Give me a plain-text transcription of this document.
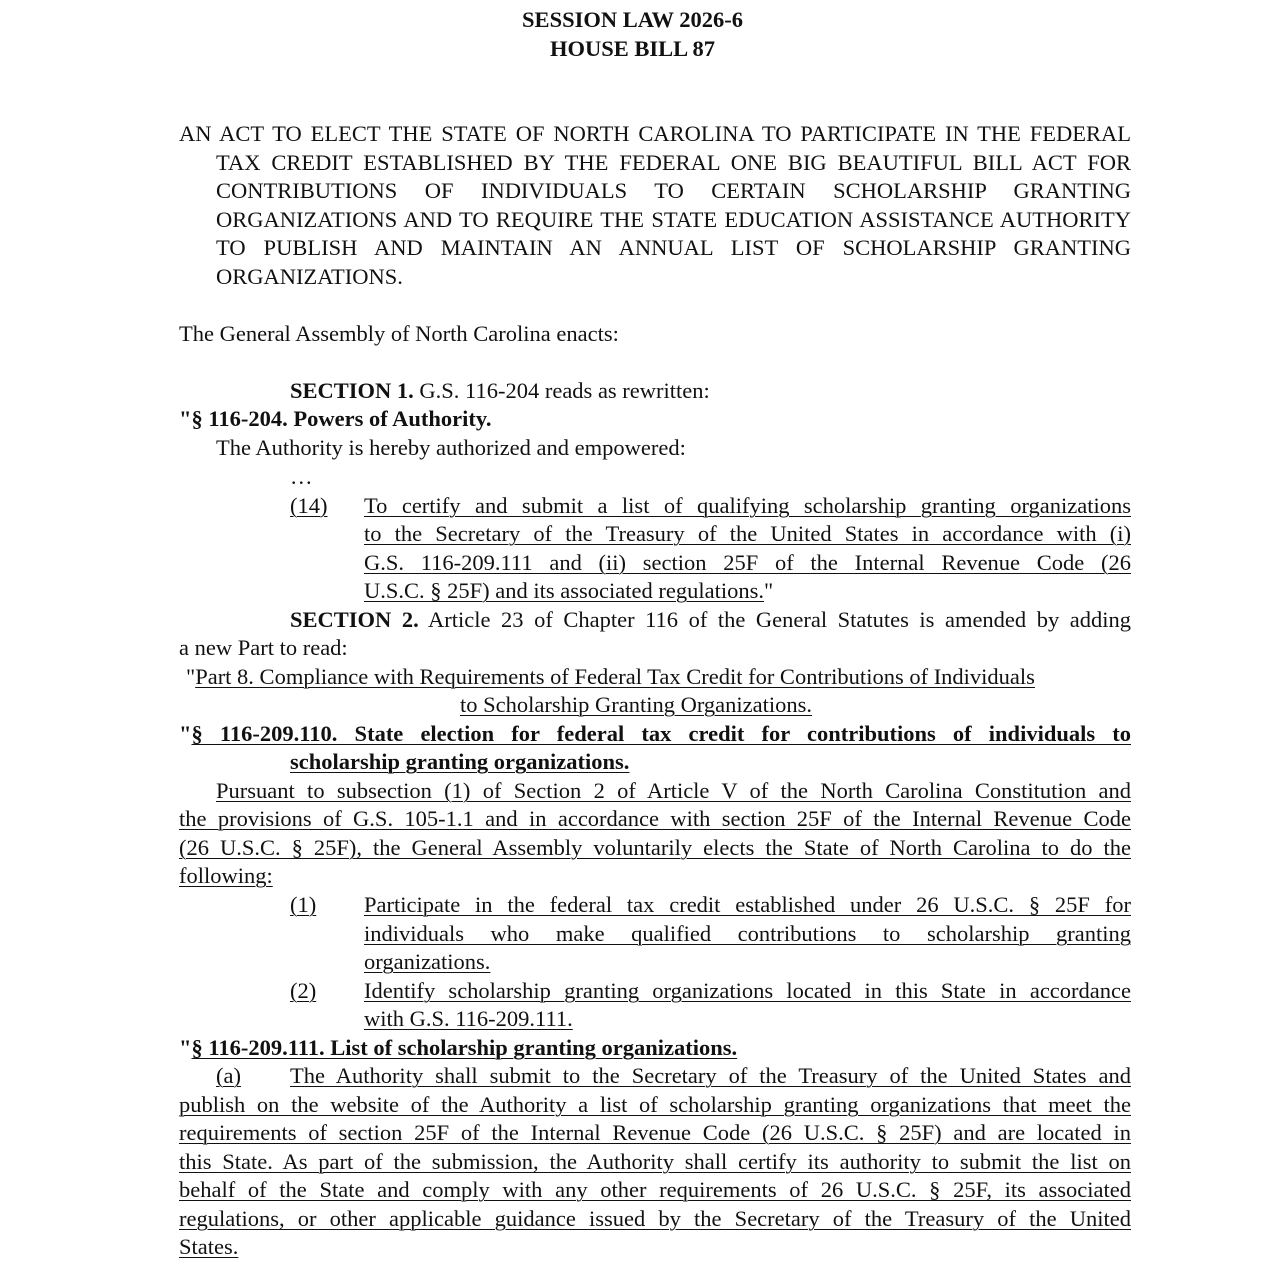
SESSION LAW 2026-6
HOUSE BILL 87
AN ACT TO ELECT THE STATE OF NORTH CAROLINA TO PARTICIPATE IN THE FEDERAL TAX CREDIT ESTABLISHED BY THE FEDERAL ONE BIG BEAUTIFUL BILL ACT FOR CONTRIBUTIONS OF INDIVIDUALS TO CERTAIN SCHOLARSHIP GRANTING ORGANIZATIONS AND TO REQUIRE THE STATE EDUCATION ASSISTANCE AUTHORITY TO PUBLISH AND MAINTAIN AN ANNUAL LIST OF SCHOLARSHIP GRANTING ORGANIZATIONS.
The General Assembly of North Carolina enacts:
SECTION 1. G.S. 116-204 reads as rewritten:
"§ 116-204. Powers of Authority.
The Authority is hereby authorized and empowered:
…
(14) To certify and submit a list of qualifying scholarship granting organizations
to the Secretary of the Treasury of the United States in accordance with (i)
G.S. 116-209.111 and (ii) section 25F of the Internal Revenue Code (26
U.S.C. § 25F) and its associated regulations."
SECTION 2. Article 23 of Chapter 116 of the General Statutes is amended by adding
a new Part to read:
"Part 8. Compliance with Requirements of Federal Tax Credit for Contributions of Individuals
to Scholarship Granting Organizations.
"§ 116-209.110. State election for federal tax credit for contributions of individuals to
scholarship granting organizations.
Pursuant to subsection (1) of Section 2 of Article V of the North Carolina Constitution and
the provisions of G.S. 105-1.1 and in accordance with section 25F of the Internal Revenue Code
(26 U.S.C. § 25F), the General Assembly voluntarily elects the State of North Carolina to do the
following:
(1) Participate in the federal tax credit established under 26 U.S.C. § 25F for
individuals who make qualified contributions to scholarship granting
organizations.
(2) Identify scholarship granting organizations located in this State in accordance
with G.S. 116-209.111.
"§ 116-209.111. List of scholarship granting organizations.
(a) The Authority shall submit to the Secretary of the Treasury of the United States and
publish on the website of the Authority a list of scholarship granting organizations that meet the
requirements of section 25F of the Internal Revenue Code (26 U.S.C. § 25F) and are located in
this State. As part of the submission, the Authority shall certify its authority to submit the list on
behalf of the State and comply with any other requirements of 26 U.S.C. § 25F, its associated
regulations, or other applicable guidance issued by the Secretary of the Treasury of the United
States.
